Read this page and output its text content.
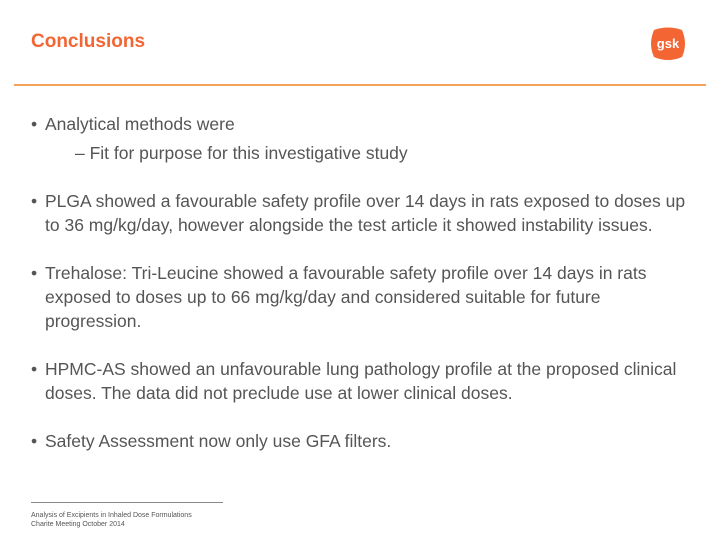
Conclusions	gsk
• Analytical methods were
– Fit for purpose for this investigative study
• PLGA showed a favourable safety profile over 14 days in rats exposed to doses up to 36 mg/kg/day, however alongside the test article it showed instability issues.
• Trehalose: Tri-Leucine showed a favourable safety profile over 14 days in rats exposed to doses up to 66 mg/kg/day and considered suitable for future progression.
• HPMC-AS showed an unfavourable lung pathology profile at the proposed clinical doses. The data did not preclude use at lower clinical doses.
• Safety Assessment now only use GFA filters.
Analysis of Excipients in Inhaled Dose Formulations
Charite Meeting October 2014
